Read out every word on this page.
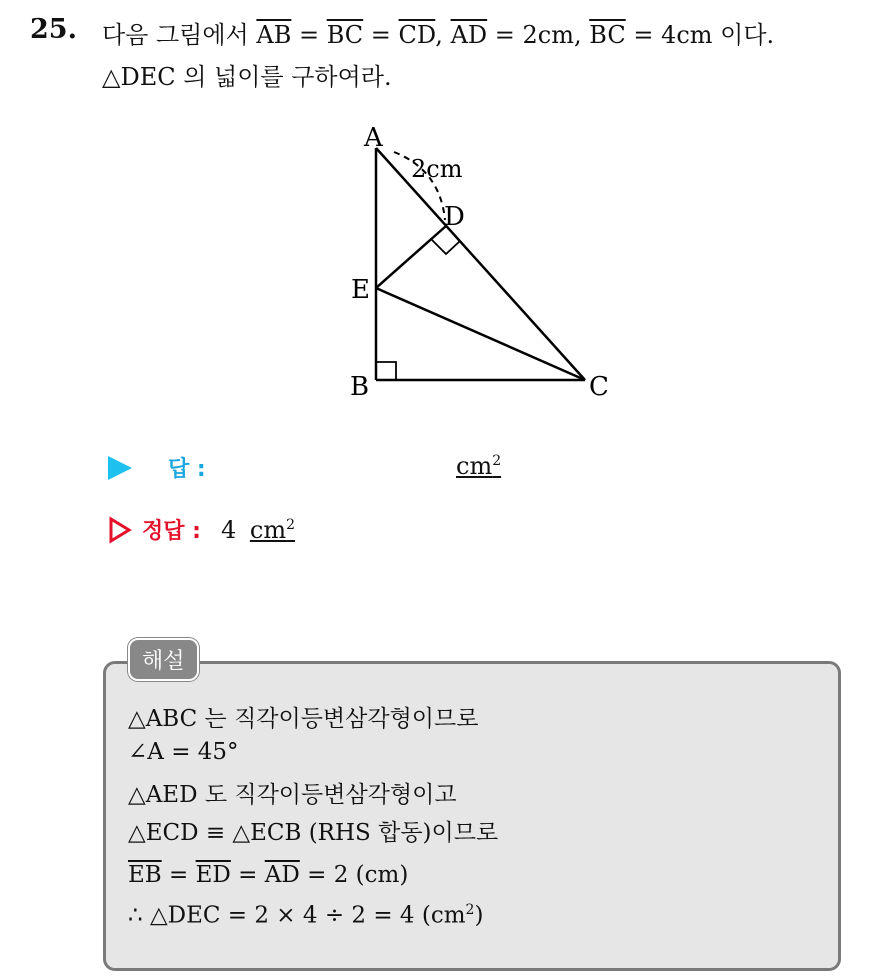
25. 다음 그림에서 $\overline{AB} = \overline{BC} = \overline{CD}$, $\overline{AD} = 2cm$, $\overline{BC} = 4cm$ 이다.
△DEC 의 넓이를 구하여라.
A
B	C
D
E
2cm
답 :	$cm^2$
정답 : 4 $cm^2$
해설
△ABC 는 직각이등변삼각형이므로
∠A = 45°
△AED 도 직각이등변삼각형이고
△ECD ≡ △ECB (RHS 합동)이므로
$\overline{EB} = \overline{ED} = \overline{AD} = 2$ (cm)
∴ △DEC = 2 × 4 ÷ 2 = 4 $(cm^2)$
